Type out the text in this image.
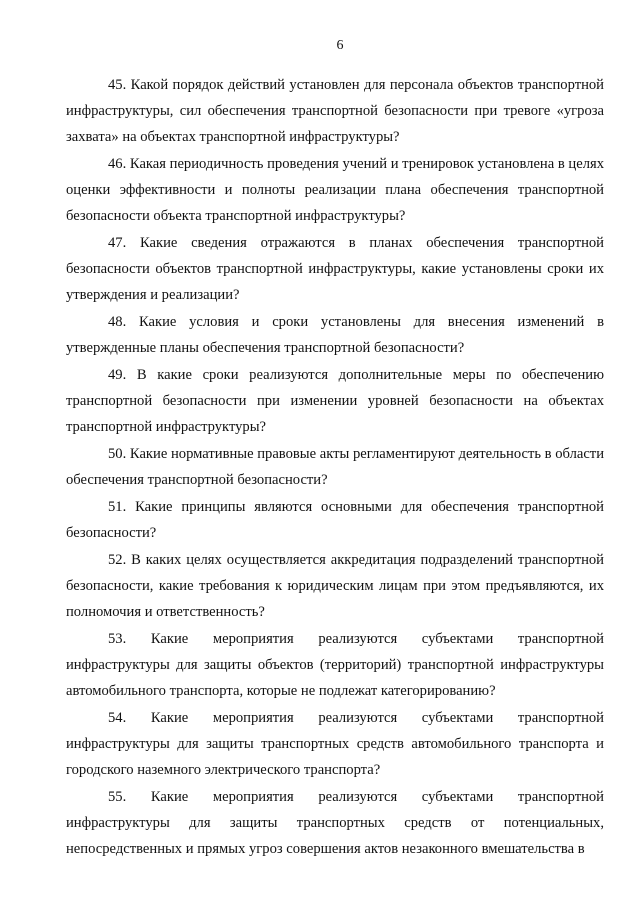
6

45. Какой порядок действий установлен для персонала объектов транспортной инфраструктуры, сил обеспечения транспортной безопасности при тревоге «угроза захвата» на объектах транспортной инфраструктуры?

46. Какая периодичность проведения учений и тренировок установлена в целях оценки эффективности и полноты реализации плана обеспечения транспортной безопасности объекта транспортной инфраструктуры?

47. Какие сведения отражаются в планах обеспечения транспортной безопасности объектов транспортной инфраструктуры, какие установлены сроки их утверждения и реализации?

48. Какие условия и сроки установлены для внесения изменений в утвержденные планы обеспечения транспортной безопасности?

49. В какие сроки реализуются дополнительные меры по обеспечению транспортной безопасности при изменении уровней безопасности на объектах транспортной инфраструктуры?

50. Какие нормативные правовые акты регламентируют деятельность в области обеспечения транспортной безопасности?

51. Какие принципы являются основными для обеспечения транспортной безопасности?

52. В каких целях осуществляется аккредитация подразделений транспортной безопасности, какие требования к юридическим лицам при этом предъявляются, их полномочия и ответственность?

53. Какие мероприятия реализуются субъектами транспортной инфраструктуры для защиты объектов (территорий) транспортной инфраструктуры автомобильного транспорта, которые не подлежат категорированию?

54. Какие мероприятия реализуются субъектами транспортной инфраструктуры для защиты транспортных средств автомобильного транспорта и городского наземного электрического транспорта?

55. Какие мероприятия реализуются субъектами транспортной инфраструктуры для защиты транспортных средств от потенциальных, непосредственных и прямых угроз совершения актов незаконного вмешательства в
